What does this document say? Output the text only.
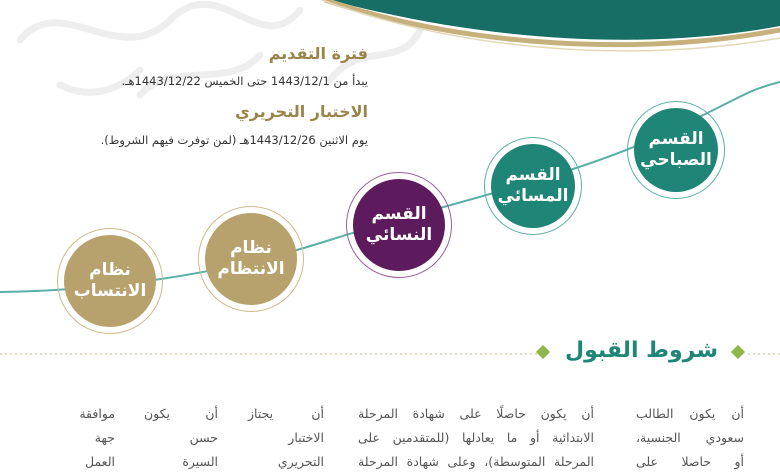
فترة التقديم
يبدأ من 1443/12/1 حتى الخميس 1443/12/22هـ.
الاختبار التحريري
يوم الاثنين 1443/12/26هـ (لمن توفرت فيهم الشروط).	القسم
الصباحي
القسم
المسائي
القسم
النسائي
نظام
الانتظام
نظام
الانتساب
شروط القبول
أن يكون الطالب
سعودي الجنسية،
أو حاصلا على
أن يكون حاصلًا على شهادة المرحلة
الابتدائية أو ما يعادلها (للمتقدمين على
المرحلة المتوسطة)، وعلى شهادة المرحلة
أن يجتاز
الاختبار
التحريري
أن يكون
حسن
السيرة
موافقة
جهة
العمل
